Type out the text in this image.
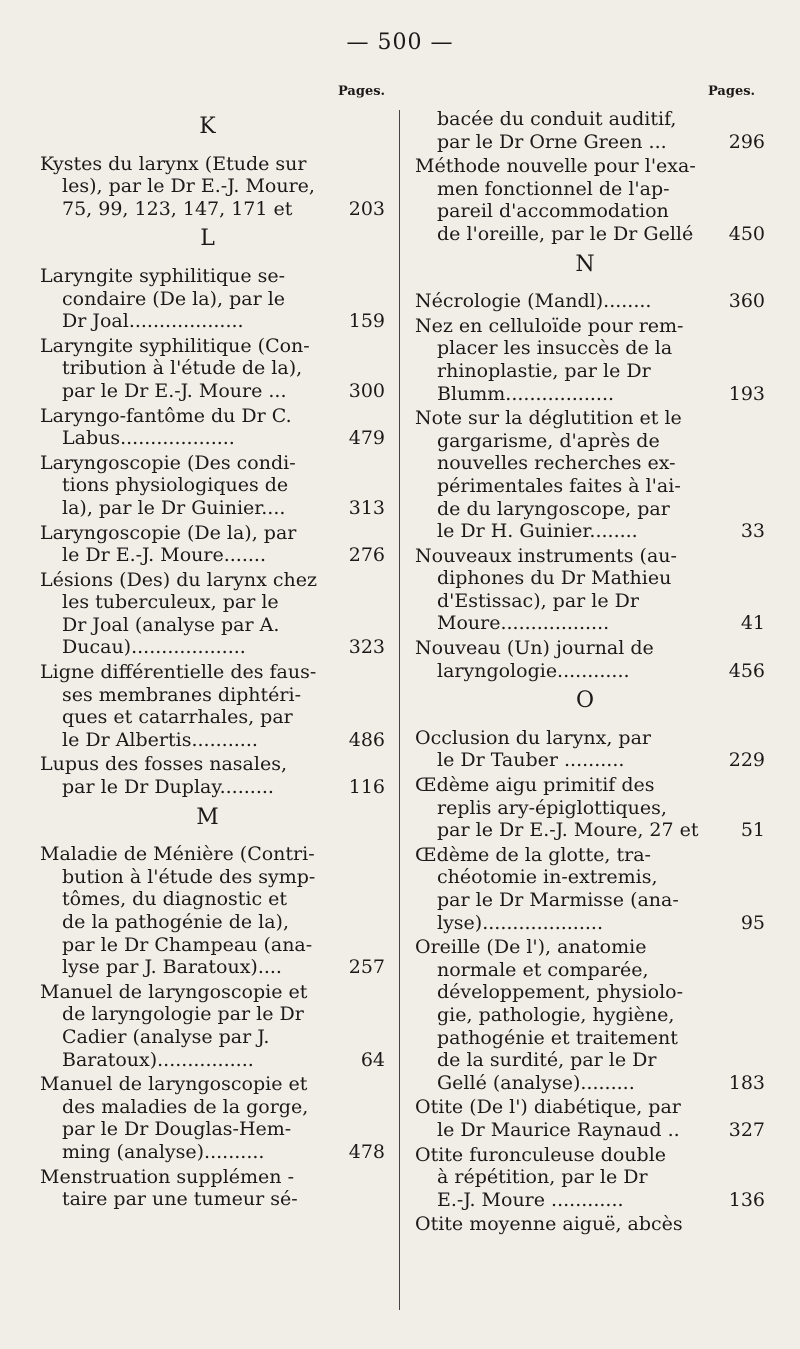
— 500 —
Pages.	Pages.
K
Kystes du larynx (Etude sur
les), par le Dr E.-J. Moure,
75, 99, 123, 147, 171 et	203
L
Laryngite syphilitique se-
condaire (De la), par le
Dr Joal...................	159
Laryngite syphilitique (Con-
tribution à l'étude de la),
par le Dr E.-J. Moure ...	300
Laryngo-fantôme du Dr C.
Labus...................	479
Laryngoscopie (Des condi-
tions physiologiques de
la), par le Dr Guinier....	313
Laryngoscopie (De la), par
le Dr E.-J. Moure.......	276
Lésions (Des) du larynx chez
les tuberculeux, par le
Dr Joal (analyse par A.
Ducau)...................	323
Ligne différentielle des faus-
ses membranes diphtéri-
ques et catarrhales, par
le Dr Albertis...........	486
Lupus des fosses nasales,
par le Dr Duplay.........	116
M
Maladie de Ménière (Contri-
bution à l'étude des symp-
tômes, du diagnostic et
de la pathogénie de la),
par le Dr Champeau (ana-
lyse par J. Baratoux)....	257
Manuel de laryngoscopie et
de laryngologie par le Dr
Cadier (analyse par J.
Baratoux)................	64
Manuel de laryngoscopie et
des maladies de la gorge,
par le Dr Douglas-Hem-
ming (analyse)..........	478
Menstruation supplémen -
taire par une tumeur sé-
bacée du conduit auditif,
par le Dr Orne Green ...	296
Méthode nouvelle pour l'exa-
men fonctionnel de l'ap-
pareil d'accommodation
de l'oreille, par le Dr Gellé 450
N
Nécrologie (Mandl)........	360
Nez en celluloïde pour rem-
placer les insuccès de la
rhinoplastie, par le Dr
Blumm..................	193
Note sur la déglutition et le
gargarisme, d'après de
nouvelles recherches ex-
périmentales faites à l'ai-
de du laryngoscope, par
le Dr H. Guinier........	33
Nouveaux instruments (au-
diphones du Dr Mathieu
d'Estissac), par le Dr
Moure..................	41
Nouveau (Un) journal de
laryngologie............	456
O
Occlusion du larynx, par
le Dr Tauber ..........	229
Œdème aigu primitif des
replis ary-épiglottiques,
par le Dr E.-J. Moure, 27 et 51
Œdème de la glotte, tra-
chéotomie in-extremis,
par le Dr Marmisse (ana-
lyse)....................	95
Oreille (De l'), anatomie
normale et comparée,
développement, physiolo-
gie, pathologie, hygiène,
pathogénie et traitement
de la surdité, par le Dr
Gellé (analyse).........	183
Otite (De l') diabétique, par
le Dr Maurice Raynaud ..	327
Otite furonculeuse double
à répétition, par le Dr
E.-J. Moure ............	136
Otite moyenne aiguë, abcès
